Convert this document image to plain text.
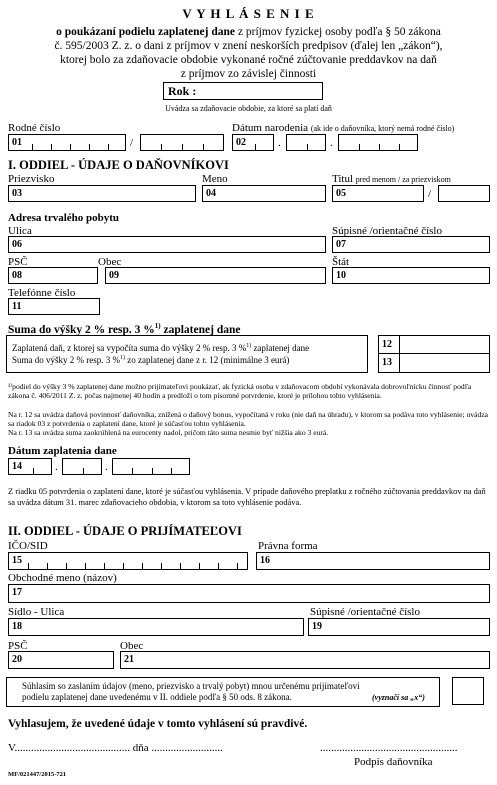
V Y H L Á S E N I E
o poukázaní podielu zaplatenej dane z príjmov fyzickej osoby podľa § 50 zákona
č. 595/2003 Z. z. o dani z príjmov v znení neskorších predpisov (ďalej len „zákon“),
ktorej bolo za zdaňovacie obdobie vykonané ročné zúčtovanie preddavkov na daň
z príjmov zo závislej činnosti
Rok :
Uvádza sa zdaňovacie obdobie, za ktoré sa platí daň
Rodné číslo	Dátum narodenia (ak ide o daňovníka, ktorý nemá rodné číslo)
01	/	02	.	.
I. ODDIEL - ÚDAJE O DAŇOVNÍKOVI
Priezvisko	Meno	Titul pred menom / za priezviskom
03	04	05	/
Adresa trvalého pobytu
Ulica	Súpisné /orientačné číslo
06	07
PSČ	Obec	Štát
08	09	10
Telefónne číslo
11
Suma do výšky 2 % resp. 3 %$^{1)}$ zaplatenej dane
Zaplatená daň, z ktorej sa vypočíta suma do výšky 2 % resp. 3 %$^{1)}$ zaplatenej dane
Suma do výšky 2 % resp. 3 %$^{1)}$ zo zaplatenej dane z r. 12 (minimálne 3 eurá)
12
13
¹⁾podiel do výšky 3 % zaplatenej dane možno prijímateľovi poukázať, ak fyzická osoba v zdaňovacom období vykonávala dobrovoľnícku činnosť podľa zákona č. 406/2011 Z. z. počas najmenej 40 hodín a predloží o tom písomné potvrdenie, ktoré je prílohou tohto vyhlásenia.
Na r. 12 sa uvádza daňová povinnosť daňovníka, znížená o daňový bonus, vypočítaná v roku (nie daň na úhradu), v ktorom sa podáva toto vyhlásenie; uvádza sa riadok 03 z potvrdenia o zaplatení dane, ktoré je súčasťou tohto vyhlásenia.
Na r. 13 sa uvádza suma zaokrúhlená na eurocenty nadol, pričom táto suma nesmie byť nižšia ako 3 eurá.
Dátum zaplatenia dane
14	.	.
Z riadku 05 potvrdenia o zaplatení dane, ktoré je súčasťou vyhlásenia. V prípade daňového preplatku z ročného zúčtovania preddavkov na daň sa uvádza dátum 31. marec zdaňovacieho obdobia, v ktorom sa toto vyhlásenie podáva.
II. ODDIEL - ÚDAJE O PRIJÍMATEĽOVI
IČO/SID	Právna forma
15	16
Obchodné meno (názov)
17
Sídlo - Ulica	Súpisné /orientačné číslo
18	19
PSČ	Obec
20	21
Súhlasím so zaslaním údajov (meno, priezvisko a trvalý pobyt) mnou určenému prijímateľovi
podielu zaplatenej dane uvedenému v II. oddiele podľa § 50 ods. 8 zákona.	(vyznačí sa „x“)
Vyhlasujem, že uvedené údaje v tomto vyhlásení sú pravdivé.
V.......................................... dňa ..........................	..................................................
Podpis daňovníka
MF/021447/2015-721
